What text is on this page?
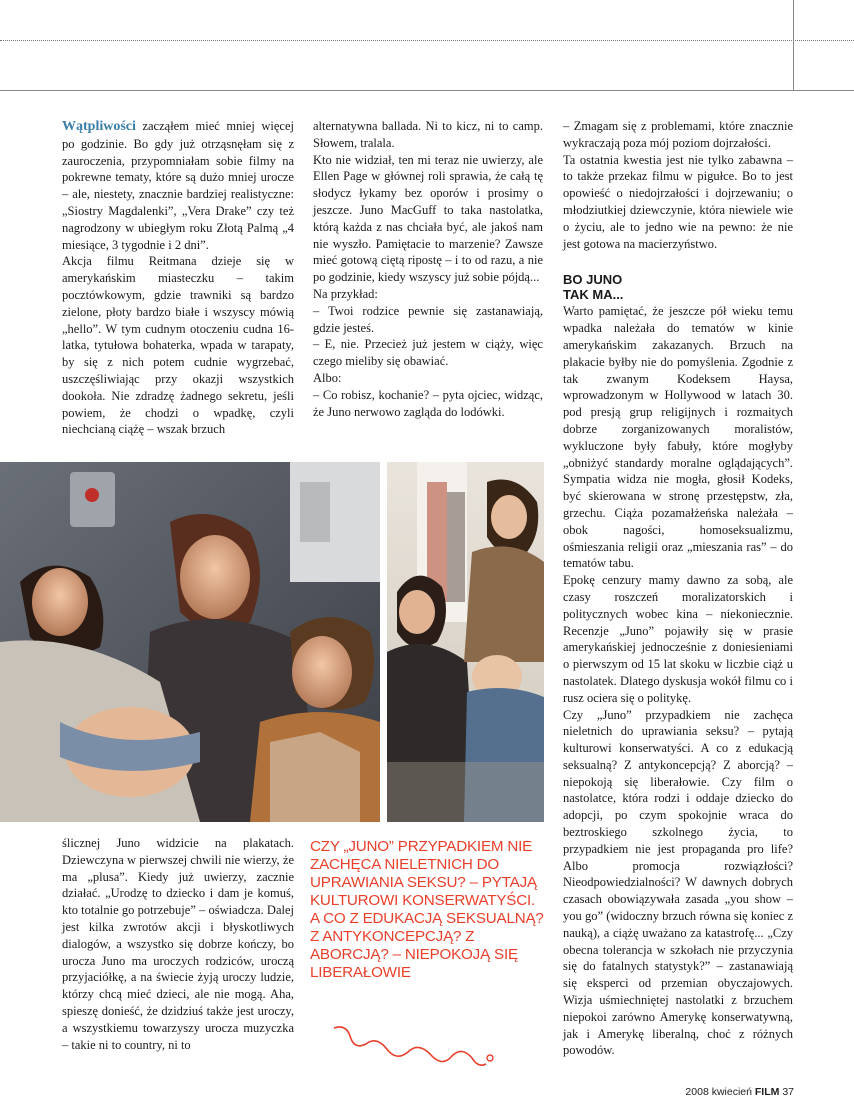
Wątpliwości zacząłem mieć mniej więcej po godzinie. Bo gdy już otrząsnęłam się z zauroczenia, przypomniałam sobie filmy na pokrewne tematy, które są dużo mniej urocze – ale, niestety, znacznie bardziej realistyczne: „Siostry Magdalenki”, „Vera Drake” czy też nagrodzony w ubiegłym roku Złotą Palmą „4 miesiące, 3 tygodnie i 2 dni”.

Akcja filmu Reitmana dzieje się w amerykańskim miasteczku – takim pocztówkowym, gdzie trawniki są bardzo zielone, płoty bardzo białe i wszyscy mówią „hello”. W tym cudnym otoczeniu cudna 16-latka, tytułowa bohaterka, wpada w tarapaty, by się z nich potem cudnie wygrzebać, uszczęśliwiając przy okazji wszystkich dookoła. Nie zdradzę żadnego sekretu, jeśli powiem, że chodzi o wpadkę, czyli niechcianą ciążę – wszak brzuch

alternatywna ballada. Ni to kicz, ni to camp. Słowem, tralala.

Kto nie widział, ten mi teraz nie uwierzy, ale Ellen Page w głównej roli sprawia, że całą tę słodycz łykamy bez oporów i prosimy o jeszcze. Juno MacGuff to taka nastolatka, którą każda z nas chciała być, ale jakoś nam nie wyszło. Pamiętacie to marzenie? Zawsze mieć gotową ciętą ripostę – i to od razu, a nie po godzinie, kiedy wszyscy już sobie pójdą...

Na przykład:

– Twoi rodzice pewnie się zastanawiają, gdzie jesteś.

– E, nie. Przecież już jestem w ciąży, więc czego mieliby się obawiać.

Albo:

– Co robisz, kochanie? – pyta ojciec, widząc, że Juno nerwowo zagląda do lodówki.

– Zmagam się z problemami, które znacznie wykraczają poza mój poziom dojrzałości.

Ta ostatnia kwestia jest nie tylko zabawna – to także przekaz filmu w pigułce. Bo to jest opowieść o niedojrzałości i dojrzewaniu; o młodziutkiej dziewczynie, która niewiele wie o życiu, ale to jedno wie na pewno: że nie jest gotowa na macierzyństwo.

BO JUNO
TAK MA...

Warto pamiętać, że jeszcze pół wieku temu wpadka należała do tematów w kinie amerykańskim zakazanych. Brzuch na plakacie byłby nie do pomyślenia. Zgodnie z tak zwanym Kodeksem Haysa, wprowadzonym w Hollywood w latach 30. pod presją grup religijnych i rozmaitych dobrze zorganizowanych moralistów, wykluczone były fabuły, które mogłyby „obniżyć standardy moralne oglądających”. Sympatia widza nie mogła, głosił Kodeks, być skierowana w stronę przestępstw, zła, grzechu. Ciąża pozamałżeńska należała – obok nagości, homoseksualizmu, ośmieszania religii oraz „mieszania ras” – do tematów tabu.

Epokę cenzury mamy dawno za sobą, ale czasy roszczeń moralizatorskich i politycznych wobec kina – niekoniecznie. Recenzje „Juno” pojawiły się w prasie amerykańskiej jednocześnie z doniesieniami o pierwszym od 15 lat skoku w liczbie ciąż u nastolatek. Dlatego dyskusja wokół filmu co i rusz ociera się o politykę.

Czy „Juno” przypadkiem nie zachęca nieletnich do uprawiania seksu? – pytają kulturowi konserwatyści. A co z edukacją seksualną? Z antykoncepcją? Z aborcją? – niepokoją się liberałowie. Czy film o nastolatce, która rodzi i oddaje dziecko do adopcji, po czym spokojnie wraca do beztroskiego szkolnego życia, to przypadkiem nie jest propaganda pro life? Albo promocja rozwiązłości? Nieodpowiedzialności? W dawnych dobrych czasach obowiązywała zasada „you show – you go” (widoczny brzuch równa się koniec z nauką), a ciążę uważano za katastrofę... „Czy obecna tolerancja w szkołach nie przyczynia się do fatalnych statystyk?” – zastanawiają się eksperci od przemian obyczajowych. Wizja uśmiechniętej nastolatki z brzuchem niepokoi zarówno Amerykę konserwatywną, jak i Amerykę liberalną, choć z różnych powodów.

ślicznej Juno widzicie na plakatach. Dziewczyna w pierwszej chwili nie wierzy, że ma „plusa”. Kiedy już uwierzy, zacznie działać. „Urodzę to dziecko i dam je komuś, kto totalnie go potrzebuje” – oświadcza. Dalej jest kilka zwrotów akcji i błyskotliwych dialogów, a wszystko się dobrze kończy, bo urocza Juno ma uroczych rodziców, uroczą przyjaciółkę, a na świecie żyją uroczy ludzie, którzy chcą mieć dzieci, ale nie mogą. Aha, spieszę donieść, że dzidziuś także jest uroczy, a wszystkiemu towarzyszy urocza muzyczka – takie ni to country, ni to

CZY „JUNO” PRZYPADKIEM NIE ZACHĘCA NIELETNICH DO UPRAWIANIA SEKSU? – PYTAJĄ KULTUROWI KONSERWATYŚCI. A CO Z EDUKACJĄ SEKSUALNĄ? Z ANTYKONCEPCJĄ? Z ABORCJĄ? – NIEPOKOJĄ SIĘ LIBERAŁOWIE
2008 kwiecień FILM 37
